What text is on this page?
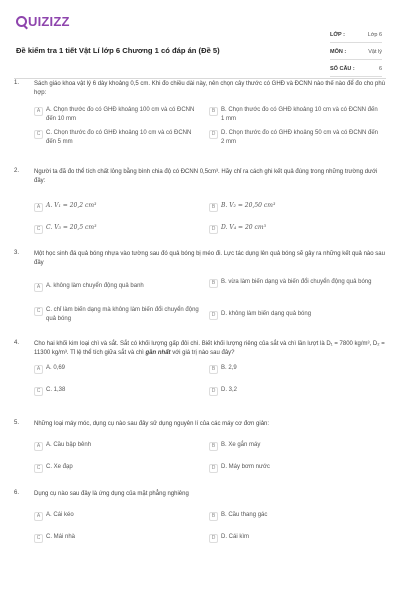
UIZIZZ
Đề kiểm tra 1 tiết Vật Lí lớp 6 Chương 1 có đáp án (Đề 5)
LỚP :	Lớp 6
MÔN :	Vật lý
SỐ CÂU :	6
1. Sách giáo khoa vật lý 6 dày khoảng 0,5 cm. Khi đo chiều dài này, nên chọn cây thước có GHĐ và ĐCNN nào thế nào để đo cho phù hợp:
A A. Chọn thước đo có GHĐ khoảng 100 cm và có ĐCNN đến 10 mm
B B. Chọn thước đo có GHĐ khoảng 10 cm và có ĐCNN đến 1 mm
C C. Chọn thước đo có GHĐ khoảng 10 cm và có ĐCNN đến 5 mm
D D. Chọn thước đo có GHĐ khoảng 50 cm và có ĐCNN đến 2 mm
2. Người ta đã đo thể tích chất lỏng bằng bình chia độ có ĐCNN 0,5cm³. Hãy chỉ ra cách ghi kết quả đúng trong những trường dưới đây:
A A. V₁ = 20,2 cm³	B B. V₂ = 20,50 cm³
C C. V₃ = 20,5 cm³	D D. V₄ = 20 cm³
3. Một học sinh đá quả bóng nhựa vào tường sau đó quả bóng bị méo đi. Lực tác dụng lên quả bóng sẽ gây ra những kết quả nào sau đây
A A. không làm chuyển động quả banh	B B. vừa làm biến dạng và biến đổi chuyển động quả bóng
C C. chỉ làm biến dạng mà không làm biến đổi chuyển động quả bóng
D D. không làm biến dạng quả bóng
4. Cho hai khối kim loại chì và sắt. Sắt có khối lượng gấp đôi chì. Biết khối lượng riêng của sắt và chì lần lượt là D₁ = 7800 kg/m³, D₂ = 11300 kg/m³. Tỉ lệ thể tích giữa sắt và chì gần nhất với giá trị nào sau đây?
A A. 0,69	B B. 2,9
C C. 1,38	D D. 3,2
5. Những loại máy móc, dụng cụ nào sau đây sử dụng nguyên lí của các máy cơ đơn giản:
A A. Cầu bập bênh	B B. Xe gắn máy
C C. Xe đạp	D D. Máy bơm nước
6. Dụng cụ nào sau đây là ứng dụng của mặt phẳng nghiêng
A A. Cái kéo	B B. Cầu thang gác
C C. Mái nhà	D D. Cái kìm
